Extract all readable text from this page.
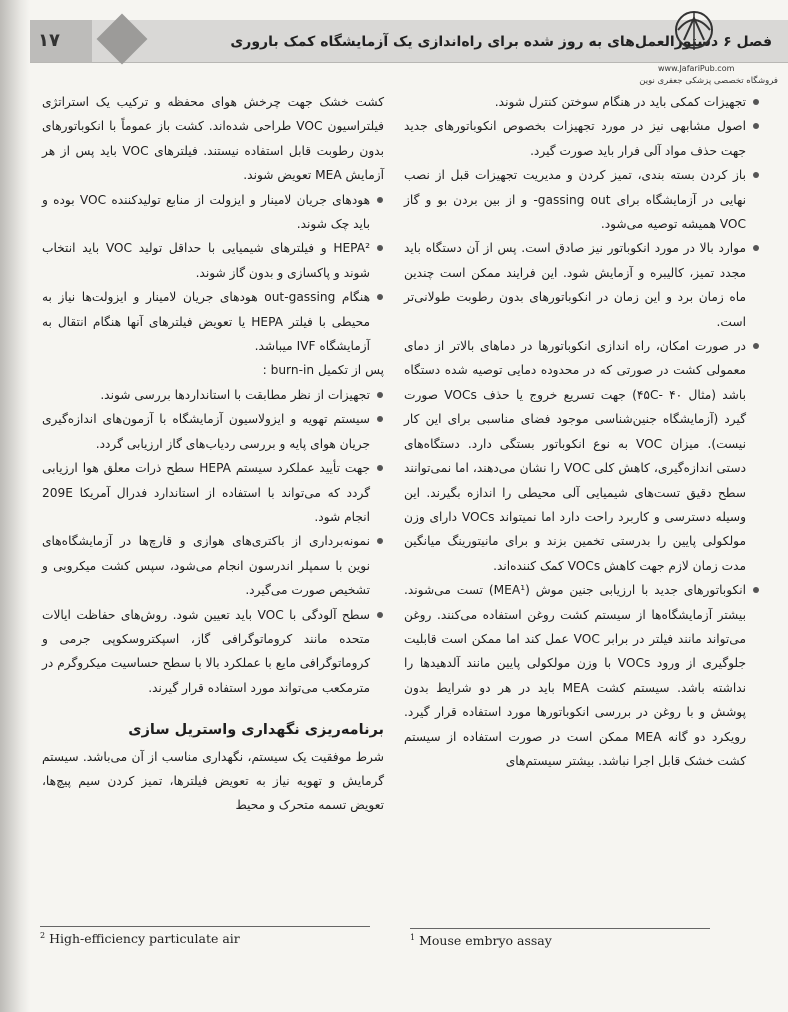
۱۷	فصل ۶ دستورالعمل‌های به روز شده برای راه‌اندازی یک آزمایشگاه کمک باروری
www.JafariPub.com
فروشگاه تخصصی پزشکی جعفری نوین

تجهیزات کمکی باید در هنگام سوختن کنترل شوند.

اصول مشابهی نیز در مورد تجهیزات بخصوص انکوباتورهای جدید جهت حذف مواد آلی فرار باید صورت گیرد.

باز کردن بسته بندی، تمیز کردن و مدیریت تجهیزات قبل از نصب نهایی در آزمایشگاه برای gassing out- و از بین بردن بو و گاز VOC همیشه توصیه می‌شود.

موارد بالا در مورد انکوباتور نیز صادق است. پس از آن دستگاه باید مجدد تمیز، کالیبره و آزمایش شود. این فرایند ممکن است چندین ماه زمان برد و این زمان در انکوباتورهای بدون رطوبت طولانی‌تر است.

در صورت امکان، راه اندازی انکوباتورها در دماهای بالاتر از دمای معمولی کشت در صورتی که در محدوده دمایی توصیه شده دستگاه باشد (مثال ۴۵C- ۴۰) جهت تسریع خروج یا حذف VOCs صورت گیرد (آزمایشگاه جنین‌شناسی موجود فضای مناسبی برای این کار نیست). میزان VOC به نوع انکوباتور بستگی دارد. دستگاه‌های دستی اندازه‌گیری، کاهش کلی VOC را نشان می‌دهند، اما نمی‌توانند سطح دقیق تست‌های شیمیایی آلی محیطی را اندازه بگیرند. این وسیله دسترسی و کاربرد راحت دارد اما نمیتواند VOCs دارای وزن مولکولی پایین را بدرستی تخمین بزند و برای مانیتورینگ میانگین مدت زمان لازم جهت کاهش VOCs کمک کننده‌اند.

انکوباتورهای جدید با ارزیابی جنین موش (MEA¹) تست می‌شوند. بیشتر آزمایشگاه‌ها از سیستم کشت روغن استفاده می‌کنند. روغن می‌تواند مانند فیلتر در برابر VOC عمل کند اما ممکن است قابلیت جلوگیری از ورود VOCs با وزن مولکولی پایین مانند آلدهیدها را نداشته باشد. سیستم کشت MEA باید در هر دو شرایط بدون پوشش و با روغن در بررسی انکوباتورها مورد استفاده قرار گیرد. رویکرد دو گانه MEA ممکن است در صورت استفاده از سیستم کشت خشک قابل اجرا نباشد. بیشتر سیستم‌های

کشت خشک جهت چرخش هوای محفظه و ترکیب یک استراتژی فیلتراسیون VOC طراحی شده‌اند. کشت باز عموماً با انکوباتورهای بدون رطوبت قابل استفاده نیستند. فیلترهای VOC باید پس از هر آزمایش MEA تعویض شوند.

هودهای جریان لامینار و ایزولت از منابع تولیدکننده VOC بوده و باید چک شوند.

HEPA² و فیلترهای شیمیایی با حداقل تولید VOC باید انتخاب شوند و پاکسازی و بدون گاز شوند.

هنگام out-gassing هودهای جریان لامینار و ایزولت‌ها نیاز به محیطی با فیلتر HEPA یا تعویض فیلترهای آنها هنگام انتقال به آزمایشگاه IVF میباشد.

پس از تکمیل burn-in :

تجهیزات از نظر مطابقت با استانداردها بررسی شوند.

سیستم تهویه و ایزولاسیون آزمایشگاه با آزمون‌های اندازه‌گیری جریان هوای پایه و بررسی ردیاب‌های گاز ارزیابی گردد.

جهت تأیید عملکرد سیستم HEPA سطح ذرات معلق هوا ارزیابی گردد که می‌تواند با استفاده از استاندارد فدرال آمریکا 209E انجام شود.

نمونه‌برداری از باکتری‌های هوازی و قارچ‌ها در آزمایشگاه‌های نوین با سمپلر اندرسون انجام می‌شود، سپس کشت میکروبی و تشخیص صورت می‌گیرد.

سطح آلودگی با VOC باید تعیین شود. روش‌های حفاظت ایالات متحده مانند کروماتوگرافی گاز، اسپکتروسکوپی جرمی و کروماتوگرافی مایع با عملکرد بالا با سطح حساسیت میکروگرم در مترمکعب می‌تواند مورد استفاده قرار گیرند.

برنامه‌ریزی نگهداری واستریل سازی

شرط موفقیت یک سیستم، نگهداری مناسب از آن می‌باشد. سیستم گرمایش و تهویه نیاز به تعویض فیلترها، تمیز کردن سیم پیچ‌ها، تعویض تسمه متحرک و محیط

$^1$ Mouse embryo assay
$^2$ High-efficiency particulate air
